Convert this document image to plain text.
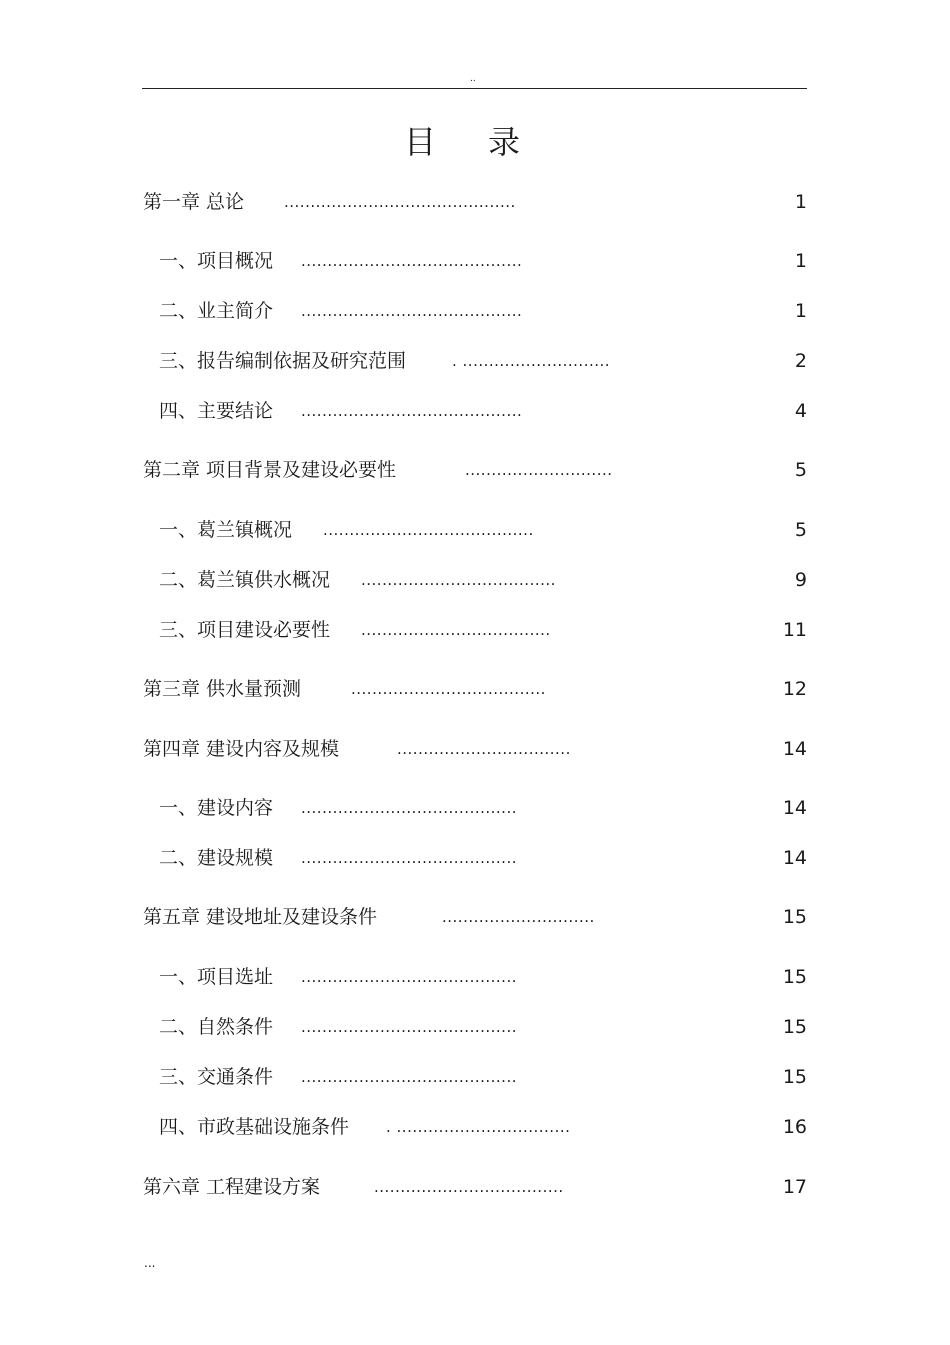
..
目录
第一章 总论	............................................	1
一、项目概况 ..........................................	1
二、业主简介 ..........................................	1
三、报告编制依据及研究范围	. ............................	2
四、主要结论 ..........................................	4
第二章 项目背景及建设必要性	............................	5
一、葛兰镇概况 ........................................	5
二、葛兰镇供水概况 .....................................	9
三、项目建设必要性 ....................................	11
第三章 供水量预测	.....................................	12
第四章 建设内容及规模	.................................	14
一、建设内容 .........................................	14
二、建设规模 .........................................	14
第五章 建设地址及建设条件	.............................	15
一、项目选址 .........................................	15
二、自然条件 .........................................	15
三、交通条件 .........................................	15
四、市政基础设施条件 . .................................	16
第六章 工程建设方案	....................................	17
...
